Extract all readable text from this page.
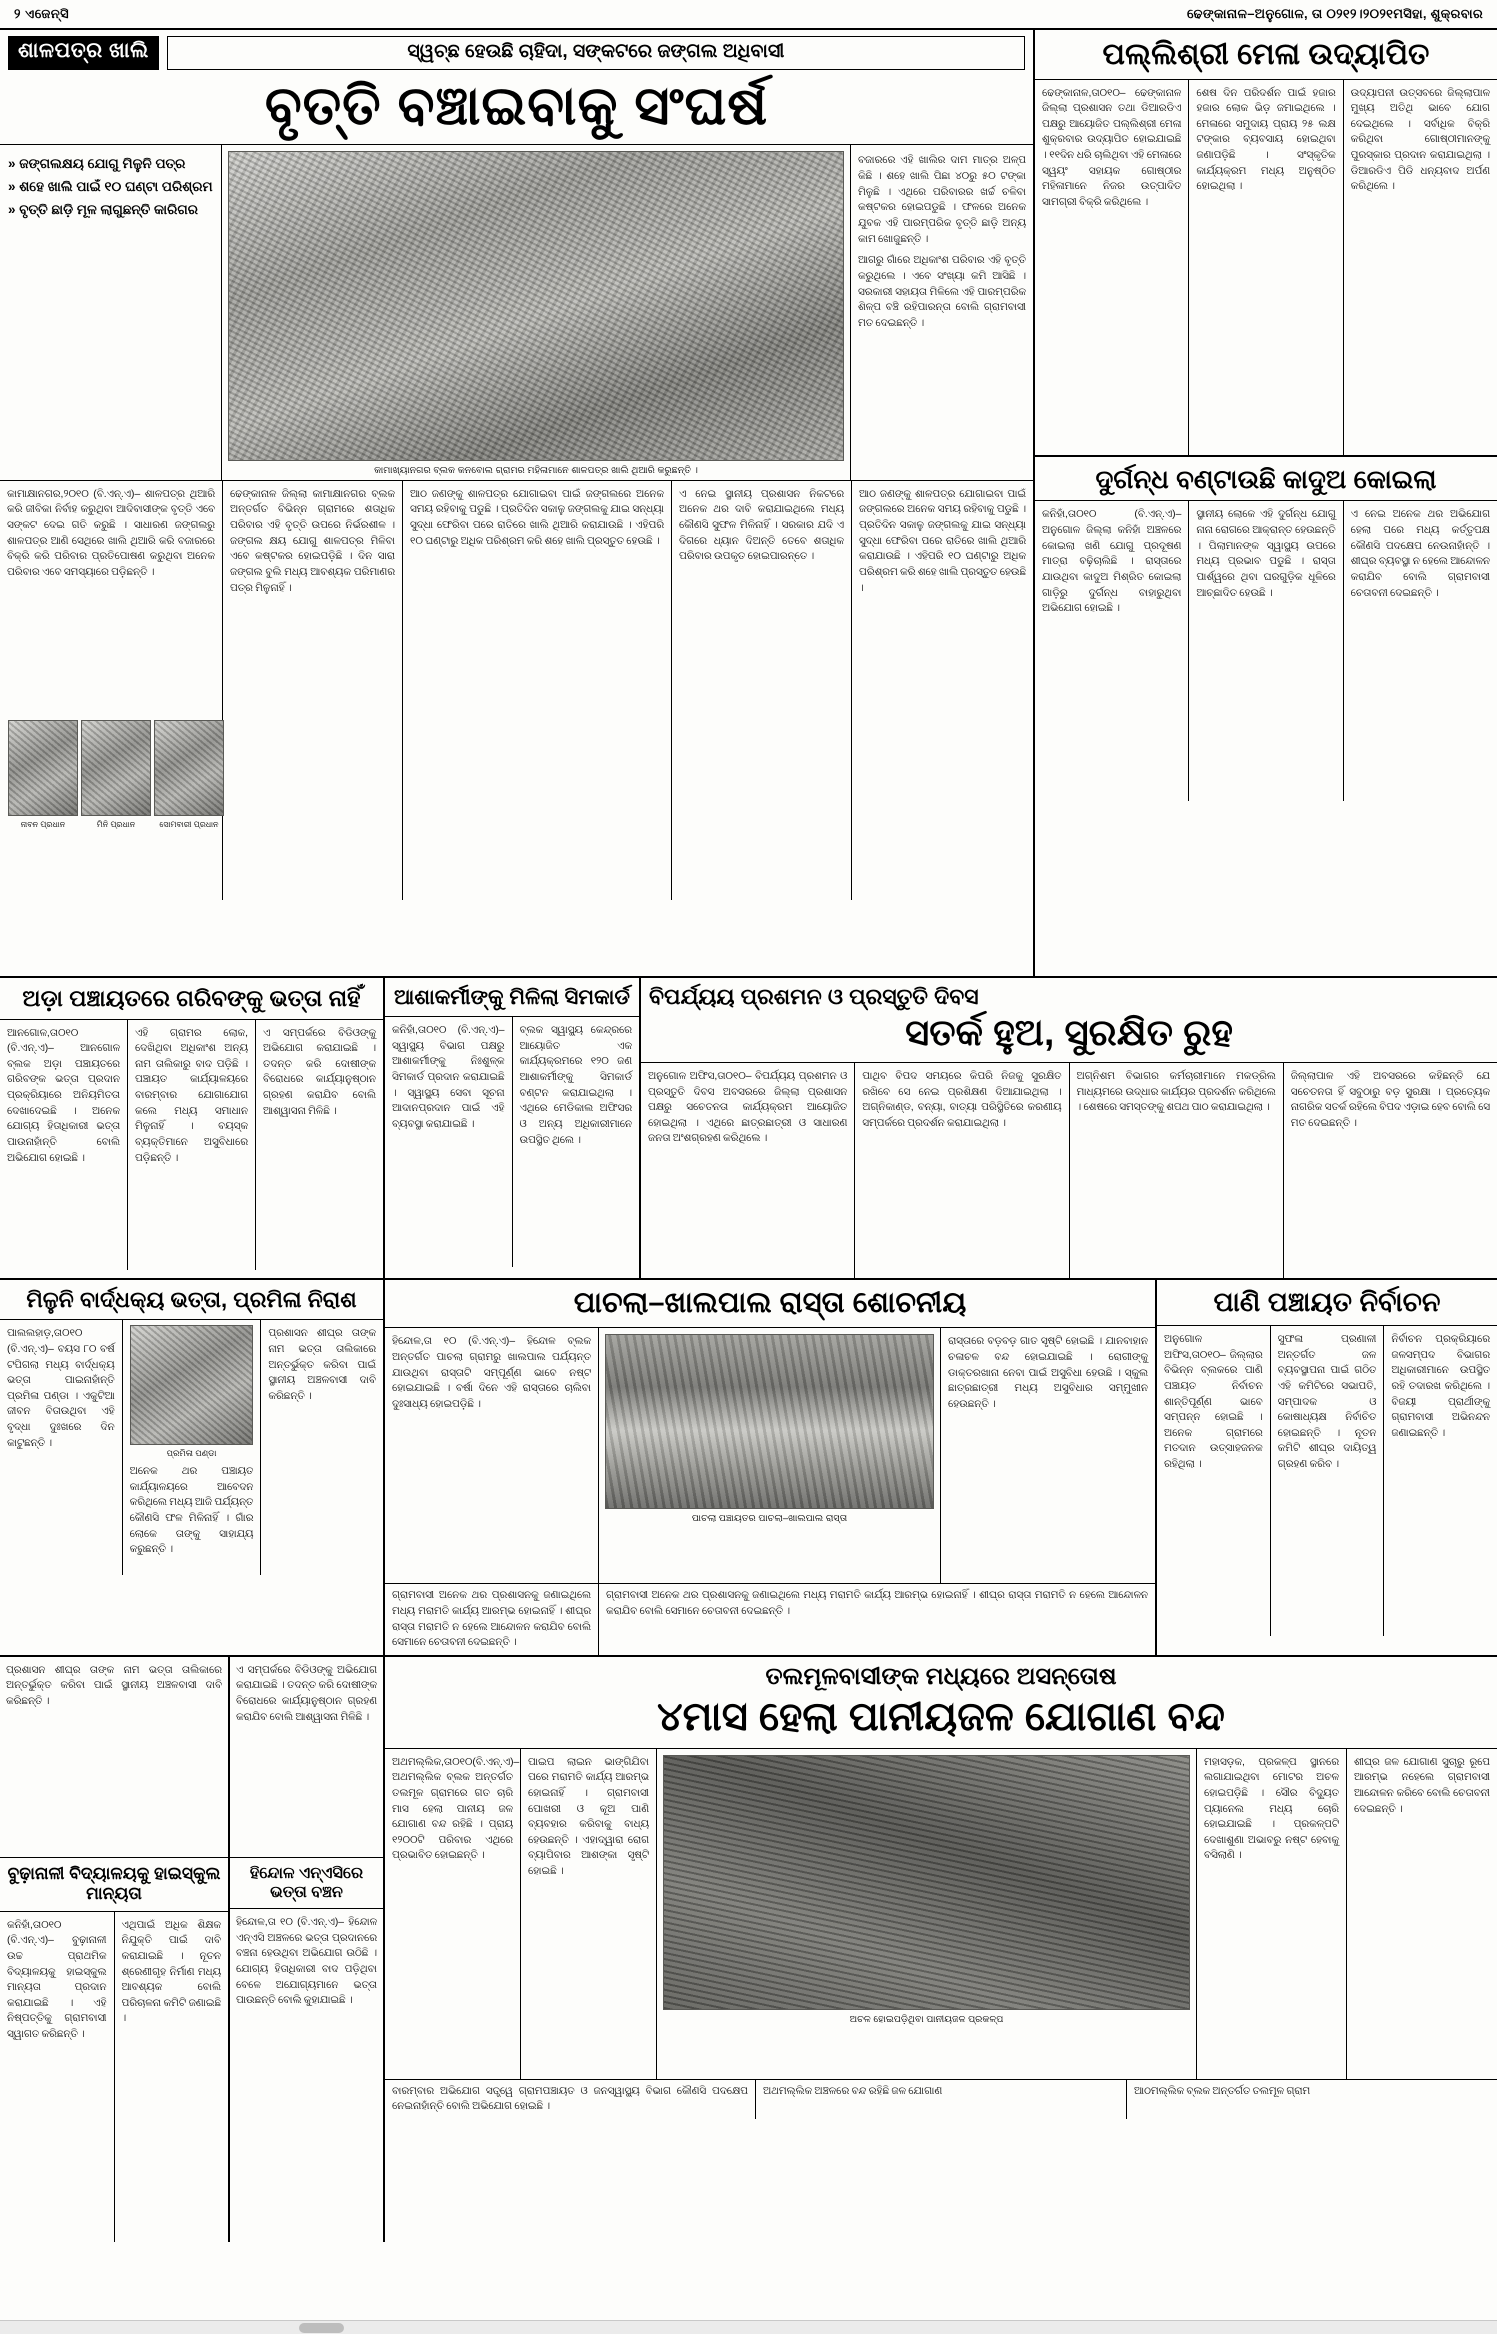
୨ ଏଜେନ୍ସି	ଢେଙ୍କାନାଳ–ଅନୁଗୋଳ, ତା ୦୨୧୨।୨୦୨୧ମସିହା, ଶୁକ୍ରବାର
ଶାଳପତ୍ର ଖାଲି	ସ୍ୱଚ୍ଛ ହେଉଛି ଚାହିଦା, ସଙ୍କଟରେ ଜଙ୍ଗଲ ଅଧିବାସୀ
ବୃତ୍ତି ବଞ୍ଚାଇବାକୁ ସଂଘର୍ଷ
» ଜଙ୍ଗଲକ୍ଷୟ ଯୋଗୁ ମିଳୁନି ପତ୍ର
» ଶହେ ଖାଲି ପାଇଁ ୧୦ ଘଣ୍ଟା ପରିଶ୍ରମ
» ବୃତ୍ତି ଛାଡ଼ି ମୂଳ ଲାଗୁଛନ୍ତି କାରିଗର
କାମାଖ୍ୟାନଗର ବ୍ଲକ କନବୋଲ ଗ୍ରାମର ମହିଳାମାନେ ଶାଳପତ୍ର ଖାଲି ଥିଆରି କରୁଛନ୍ତି ।
ବଜାରରେ ଏହି ଖାଲିର ଦାମ ମାତ୍ର ଅଳ୍ପ କିଛି । ଶହେ ଖାଲି ପିଛା ୪୦ରୁ ୫୦ ଟଙ୍କା ମିଳୁଛି । ଏଥିରେ ପରିବାରର ଖର୍ଚ୍ଚ ଚଳିବା କଷ୍ଟକର ହୋଇପଡୁଛି । ଫଳରେ ଅନେକ ଯୁବକ ଏହି ପାରମ୍ପରିକ ବୃତ୍ତି ଛାଡ଼ି ଅନ୍ୟ କାମ ଖୋଜୁଛନ୍ତି ।
ଆଗରୁ ଗାଁରେ ଅଧିକାଂଶ ପରିବାର ଏହି ବୃତ୍ତି କରୁଥିଲେ । ଏବେ ସଂଖ୍ୟା କମି ଆସିଛି । ସରକାରୀ ସହାୟତା ମିଳିଲେ ଏହି ପାରମ୍ପରିକ ଶିଳ୍ପ ବଞ୍ଚି ରହିପାରନ୍ତା ବୋଲି ଗ୍ରାମବାସୀ ମତ ଦେଇଛନ୍ତି ।
କାମାକ୍ଷାନଗର,୨୦୧୦ (ବି.ଏନ୍.ଏ)– ଶାଳପତ୍ର ଥିଆରି କରି ଜୀବିକା ନିର୍ବାହ କରୁଥିବା ଆଦିବାସୀଙ୍କ ବୃତ୍ତି ଏବେ ସଙ୍କଟ ଦେଇ ଗତି କରୁଛି । ସାଧାରଣ ଜଙ୍ଗଲରୁ ଶାଳପତ୍ର ଆଣି ସେଥିରେ ଖାଲି ଥିଆରି କରି ବଜାରରେ ବିକ୍ରି କରି ପରିବାର ପ୍ରତିପୋଷଣ କରୁଥିବା ଅନେକ ପରିବାର ଏବେ ସମସ୍ୟାରେ ପଡ଼ିଛନ୍ତି ।
ଢେଙ୍କାନାଳ ଜିଲ୍ଲା କାମାକ୍ଷାନଗର ବ୍ଲକ ଅନ୍ତର୍ଗତ ବିଭିନ୍ନ ଗ୍ରାମରେ ଶତାଧିକ ପରିବାର ଏହି ବୃତ୍ତି ଉପରେ ନିର୍ଭରଶୀଳ । ଜଙ୍ଗଲ କ୍ଷୟ ଯୋଗୁ ଶାଳପତ୍ର ମିଳିବା ଏବେ କଷ୍ଟକର ହୋଇପଡ଼ିଛି । ଦିନ ସାରା ଜଙ୍ଗଲ ବୁଲି ମଧ୍ୟ ଆବଶ୍ୟକ ପରିମାଣର ପତ୍ର ମିଳୁନାହିଁ ।
ଆଠ ଜଣଙ୍କୁ ଶାଳପତ୍ର ଯୋଗାଇବା ପାଇଁ ଜଙ୍ଗଲରେ ଅନେକ ସମୟ ରହିବାକୁ ପଡୁଛି । ପ୍ରତିଦିନ ସକାଳୁ ଜଙ୍ଗଲକୁ ଯାଇ ସନ୍ଧ୍ୟା ସୁଦ୍ଧା ଫେରିବା ପରେ ରାତିରେ ଖାଲି ଥିଆରି କରାଯାଉଛି । ଏହିପରି ୧୦ ଘଣ୍ଟାରୁ ଅଧିକ ପରିଶ୍ରମ କରି ଶହେ ଖାଲି ପ୍ରସ୍ତୁତ ହେଉଛି ।
ଏ ନେଇ ସ୍ଥାନୀୟ ପ୍ରଶାସନ ନିକଟରେ ଅନେକ ଥର ଦାବି କରାଯାଇଥିଲେ ମଧ୍ୟ କୌଣସି ସୁଫଳ ମିଳିନାହିଁ । ସରକାର ଯଦି ଏ ଦିଗରେ ଧ୍ୟାନ ଦିଅନ୍ତି ତେବେ ଶତାଧିକ ପରିବାର ଉପକୃତ ହୋଇପାରନ୍ତେ ।
ଆଠ ଜଣଙ୍କୁ ଶାଳପତ୍ର ଯୋଗାଇବା ପାଇଁ ଜଙ୍ଗଲରେ ଅନେକ ସମୟ ରହିବାକୁ ପଡୁଛି । ପ୍ରତିଦିନ ସକାଳୁ ଜଙ୍ଗଲକୁ ଯାଇ ସନ୍ଧ୍ୟା ସୁଦ୍ଧା ଫେରିବା ପରେ ରାତିରେ ଖାଲି ଥିଆରି କରାଯାଉଛି । ଏହିପରି ୧୦ ଘଣ୍ଟାରୁ ଅଧିକ ପରିଶ୍ରମ କରି ଶହେ ଖାଲି ପ୍ରସ୍ତୁତ ହେଉଛି ।
ନାବନ ପ୍ରଧାନ	ମିନି ପ୍ରଧାନ	ସୋମବାରୀ ପ୍ରଧାନ
ପଲ୍ଲିଶ୍ରୀ ମେଳା ଉଦ୍ୟାପିତ
ଢେଙ୍କାନାଳ,ତା୦୧୦– ଢେଙ୍କାନାଳ ଜିଲ୍ଲା ପ୍ରଶାସନ ତଥା ଡିଆରଡିଏ ପକ୍ଷରୁ ଆୟୋଜିତ ପଲ୍ଲିଶ୍ରୀ ମେଳା ଶୁକ୍ରବାର ଉଦ୍ୟାପିତ ହୋଇଯାଇଛି । ୧୧ଦିନ ଧରି ଚାଲିଥିବା ଏହି ମେଳାରେ ସ୍ୱୟଂ ସହାୟକ ଗୋଷ୍ଠୀର ମହିଳାମାନେ ନିଜର ଉତ୍ପାଦିତ ସାମଗ୍ରୀ ବିକ୍ରି କରିଥିଲେ ।
ଶେଷ ଦିନ ପରିଦର୍ଶନ ପାଇଁ ହଜାର ହଜାର ଲୋକ ଭିଡ଼ ଜମାଇଥିଲେ । ମେଳାରେ ସମୁଦାୟ ପ୍ରାୟ ୨୫ ଲକ୍ଷ ଟଙ୍କାର ବ୍ୟବସାୟ ହୋଇଥିବା ଜଣାପଡ଼ିଛି । ସଂସ୍କୃତିକ କାର୍ଯ୍ୟକ୍ରମ ମଧ୍ୟ ଅନୁଷ୍ଠିତ ହୋଇଥିଲା ।
ଉଦ୍ୟାପନୀ ଉତ୍ସବରେ ଜିଲ୍ଲାପାଳ ମୁଖ୍ୟ ଅତିଥି ଭାବେ ଯୋଗ ଦେଇଥିଲେ । ସର୍ବାଧିକ ବିକ୍ରି କରିଥିବା ଗୋଷ୍ଠୀମାନଙ୍କୁ ପୁରସ୍କାର ପ୍ରଦାନ କରାଯାଇଥିଲା । ଡିଆରଡିଏ ପିଡି ଧନ୍ୟବାଦ ଅର୍ପଣ କରିଥିଲେ ।
ଦୁର୍ଗନ୍ଧ ବଣ୍ଟାଉଛି କାଦୁଅ କୋଇଲା
କନିହାଁ,ତା୦୧୦ (ବି.ଏନ୍.ଏ)– ଅନୁଗୋଳ ଜିଲ୍ଲା କନିହାଁ ଅଞ୍ଚଳରେ କୋଇଲା ଖଣି ଯୋଗୁ ପ୍ରଦୂଷଣ ମାତ୍ରା ବଢ଼ିଚାଲିଛି । ରାସ୍ତାରେ ଯାଉଥିବା କାଦୁଅ ମିଶ୍ରିତ କୋଇଲା ଗାଡ଼ିରୁ ଦୁର୍ଗନ୍ଧ ବାହାରୁଥିବା ଅଭିଯୋଗ ହୋଇଛି ।
ସ୍ଥାନୀୟ ଲୋକେ ଏହି ଦୁର୍ଗନ୍ଧ ଯୋଗୁ ନାନା ରୋଗରେ ଆକ୍ରାନ୍ତ ହେଉଛନ୍ତି । ପିଲାମାନଙ୍କ ସ୍ୱାସ୍ଥ୍ୟ ଉପରେ ମଧ୍ୟ ପ୍ରଭାବ ପଡୁଛି । ରାସ୍ତା ପାର୍ଶ୍ୱରେ ଥିବା ଘରଗୁଡ଼ିକ ଧୂଳିରେ ଆଚ୍ଛାଦିତ ହେଉଛି ।
ଏ ନେଇ ଅନେକ ଥର ଅଭିଯୋଗ ହେଲା ପରେ ମଧ୍ୟ କର୍ତ୍ତୃପକ୍ଷ କୌଣସି ପଦକ୍ଷେପ ନେଉନାହାଁନ୍ତି । ଶୀଘ୍ର ବ୍ୟବସ୍ଥା ନ ହେଲେ ଆନ୍ଦୋଳନ କରାଯିବ ବୋଲି ଗ୍ରାମବାସୀ ଚେତାବନୀ ଦେଇଛନ୍ତି ।
ଅଡ଼ା ପଞ୍ଚାୟତରେ ଗରିବଙ୍କୁ ଭତ୍ତା ନାହିଁ
ଆନଗୋଳ,ତା୦୧୦ (ବି.ଏନ୍.ଏ)– ଆନଗୋଳ ବ୍ଲକ ଅଡ଼ା ପଞ୍ଚାୟତରେ ଗରିବଙ୍କ ଭତ୍ତା ପ୍ରଦାନ ପ୍ରକ୍ରିୟାରେ ଅନିୟମିତତା ଦେଖାଦେଇଛି । ଅନେକ ଯୋଗ୍ୟ ହିତାଧିକାରୀ ଭତ୍ତା ପାଉନାହାଁନ୍ତି ବୋଲି ଅଭିଯୋଗ ହୋଇଛି ।
ଏହି ଗ୍ରାମର ଲୋକ, ଦେଖିଥିବା ଅଧିକାଂଶ ଅନ୍ୟ ନାମ ତାଲିକାରୁ ବାଦ ପଡ଼ିଛି । ପଞ୍ଚାୟତ କାର୍ଯ୍ୟାଳୟରେ ବାରମ୍ବାର ଯୋଗାଯୋଗ କଲେ ମଧ୍ୟ ସମାଧାନ ମିଳୁନାହିଁ । ବୟସ୍କ ବ୍ୟକ୍ତିମାନେ ଅସୁବିଧାରେ ପଡ଼ିଛନ୍ତି ।
ଏ ସମ୍ପର୍କରେ ବିଡିଓଙ୍କୁ ଅଭିଯୋଗ କରାଯାଇଛି । ତଦନ୍ତ କରି ଦୋଷୀଙ୍କ ବିରୋଧରେ କାର୍ଯ୍ୟାନୁଷ୍ଠାନ ଗ୍ରହଣ କରାଯିବ ବୋଲି ଆଶ୍ୱାସନା ମିଳିଛି ।
ଆଶାକର୍ମୀଙ୍କୁ ମିଳିଲା ସିମକାର୍ଡ
କନିହାଁ,ତା୦୧୦ (ବି.ଏନ୍.ଏ)– ସ୍ୱାସ୍ଥ୍ୟ ବିଭାଗ ପକ୍ଷରୁ ଆଶାକର୍ମୀଙ୍କୁ ନିଃଶୁଳ୍କ ସିମକାର୍ଡ ପ୍ରଦାନ କରାଯାଇଛି । ସ୍ୱାସ୍ଥ୍ୟ ସେବା ସୂଚନା ଆଦାନପ୍ରଦାନ ପାଇଁ ଏହି ବ୍ୟବସ୍ଥା କରାଯାଇଛି ।
ବ୍ଲକ ସ୍ୱାସ୍ଥ୍ୟ କେନ୍ଦ୍ରରେ ଆୟୋଜିତ ଏକ କାର୍ଯ୍ୟକ୍ରମରେ ୧୨୦ ଜଣ ଆଶାକର୍ମୀଙ୍କୁ ସିମକାର୍ଡ ବଣ୍ଟନ କରାଯାଇଥିଲା । ଏଥିରେ ମେଡିକାଲ ଅଫିସର ଓ ଅନ୍ୟ ଅଧିକାରୀମାନେ ଉପସ୍ଥିତ ଥିଲେ ।
ବିପର୍ଯ୍ୟୟ ପ୍ରଶମନ ଓ ପ୍ରସ୍ତୁତି ଦିବସ
ସତର୍କ ହୁଅ, ସୁରକ୍ଷିତ ରୁହ
ଅନୁଗୋଳ ଅଫିସ,ତା୦୧୦– ବିପର୍ଯ୍ୟୟ ପ୍ରଶମନ ଓ ପ୍ରସ୍ତୁତି ଦିବସ ଅବସରରେ ଜିଲ୍ଲା ପ୍ରଶାସନ ପକ୍ଷରୁ ସଚେତନତା କାର୍ଯ୍ୟକ୍ରମ ଆୟୋଜିତ ହୋଇଥିଲା । ଏଥିରେ ଛାତ୍ରଛାତ୍ରୀ ଓ ସାଧାରଣ ଜନତା ଅଂଶଗ୍ରହଣ କରିଥିଲେ ।
ପାଥିବ ବିପଦ ସମୟରେ କିପରି ନିଜକୁ ସୁରକ୍ଷିତ ରଖିବେ ସେ ନେଇ ପ୍ରଶିକ୍ଷଣ ଦିଆଯାଇଥିଲା । ଅଗ୍ନିକାଣ୍ଡ, ବନ୍ୟା, ବାତ୍ୟା ପରିସ୍ଥିତିରେ କରଣୀୟ ସମ୍ପର୍କରେ ପ୍ରଦର୍ଶନ କରାଯାଇଥିଲା ।
ଅଗ୍ନିଶମ ବିଭାଗର କର୍ମଚାରୀମାନେ ମକଡ୍ରିଲ ମାଧ୍ୟମରେ ଉଦ୍ଧାର କାର୍ଯ୍ୟର ପ୍ରଦର୍ଶନ କରିଥିଲେ । ଶେଷରେ ସମସ୍ତଙ୍କୁ ଶପଥ ପାଠ କରାଯାଇଥିଲା ।
ଜିଲ୍ଲାପାଳ ଏହି ଅବସରରେ କହିଛନ୍ତି ଯେ ସଚେତନତା ହିଁ ସବୁଠାରୁ ବଡ଼ ସୁରକ୍ଷା । ପ୍ରତ୍ୟେକ ନାଗରିକ ସତର୍କ ରହିଲେ ବିପଦ ଏଡ଼ାଇ ହେବ ବୋଲି ସେ ମତ ଦେଇଛନ୍ତି ।
ମିଳୁନି ବାର୍ଦ୍ଧକ୍ୟ ଭତ୍ତା, ପ୍ରମିଳା ନିରାଶ
ପାଲଲହାଡ଼,ତା୦୧୦ (ବି.ଏନ୍.ଏ)– ବୟସ ୮୦ ବର୍ଷ ଟପିଗଲା ମଧ୍ୟ ବାର୍ଦ୍ଧକ୍ୟ ଭତ୍ତା ପାଇନାହାଁନ୍ତି ପ୍ରମିଳା ପଣ୍ଡା । ଏକୁଟିଆ ଜୀବନ ବିତାଉଥିବା ଏହି ବୃଦ୍ଧା ଦୁଃଖରେ ଦିନ କାଟୁଛନ୍ତି ।
ପ୍ରମିଳା ପଣ୍ଡା
ଅନେକ ଥର ପଞ୍ଚାୟତ କାର୍ଯ୍ୟାଳୟରେ ଆବେଦନ କରିଥିଲେ ମଧ୍ୟ ଆଜି ପର୍ଯ୍ୟନ୍ତ କୌଣସି ଫଳ ମିଳିନାହିଁ । ଗାଁର ଲୋକେ ତାଙ୍କୁ ସାହାଯ୍ୟ କରୁଛନ୍ତି ।
ପ୍ରଶାସନ ଶୀଘ୍ର ତାଙ୍କ ନାମ ଭତ୍ତା ତାଲିକାରେ ଅନ୍ତର୍ଭୁକ୍ତ କରିବା ପାଇଁ ସ୍ଥାନୀୟ ଅଞ୍ଚଳବାସୀ ଦାବି କରିଛନ୍ତି ।
ପାଚଲା–ଖାଲପାଲ ରାସ୍ତା ଶୋଚନୀୟ
ହିନ୍ଦୋଳ,ତା ୧୦ (ବି.ଏନ୍.ଏ)– ହିନ୍ଦୋଳ ବ୍ଲକ ଅନ୍ତର୍ଗତ ପାଚଲା ଗ୍ରାମରୁ ଖାଲପାଲ ପର୍ଯ୍ୟନ୍ତ ଯାଉଥିବା ରାସ୍ତାଟି ସମ୍ପୂର୍ଣ୍ଣ ଭାବେ ନଷ୍ଟ ହୋଇଯାଇଛି । ବର୍ଷା ଦିନେ ଏହି ରାସ୍ତାରେ ଚାଲିବା ଦୁଃସାଧ୍ୟ ହୋଇପଡ଼ିଛି ।
ପାଚଲା ପଞ୍ଚାୟତର ପାଚଲା–ଖାଲପାଲ ରାସ୍ତା
ରାସ୍ତାରେ ବଡ଼ବଡ଼ ଗାତ ସୃଷ୍ଟି ହୋଇଛି । ଯାନବାହାନ ଚଳାଚଳ ବନ୍ଦ ହୋଇଯାଇଛି । ରୋଗୀଙ୍କୁ ଡାକ୍ତରଖାନା ନେବା ପାଇଁ ଅସୁବିଧା ହେଉଛି । ସ୍କୁଲ ଛାତ୍ରଛାତ୍ରୀ ମଧ୍ୟ ଅସୁବିଧାର ସମ୍ମୁଖୀନ ହେଉଛନ୍ତି ।
ଗ୍ରାମବାସୀ ଅନେକ ଥର ପ୍ରଶାସନକୁ ଜଣାଇଥିଲେ ମଧ୍ୟ ମରାମତି କାର୍ଯ୍ୟ ଆରମ୍ଭ ହୋଇନାହିଁ । ଶୀଘ୍ର ରାସ୍ତା ମରାମତି ନ ହେଲେ ଆନ୍ଦୋଳନ କରାଯିବ ବୋଲି ସେମାନେ ଚେତାବନୀ ଦେଇଛନ୍ତି ।
ଗ୍ରାମବାସୀ ଅନେକ ଥର ପ୍ରଶାସନକୁ ଜଣାଇଥିଲେ ମଧ୍ୟ ମରାମତି କାର୍ଯ୍ୟ ଆରମ୍ଭ ହୋଇନାହିଁ । ଶୀଘ୍ର ରାସ୍ତା ମରାମତି ନ ହେଲେ ଆନ୍ଦୋଳନ କରାଯିବ ବୋଲି ସେମାନେ ଚେତାବନୀ ଦେଇଛନ୍ତି ।
ପାଣି ପଞ୍ଚାୟତ ନିର୍ବାଚନ
ଅନୁଗୋଳ ଅଫିସ,ତା୦୧୦– ଜିଲ୍ଲାର ବିଭିନ୍ନ ବ୍ଲକରେ ପାଣି ପଞ୍ଚାୟତ ନିର୍ବାଚନ ଶାନ୍ତିପୂର୍ଣ୍ଣ ଭାବେ ସମ୍ପନ୍ନ ହୋଇଛି । ଅନେକ ଗ୍ରାମରେ ମତଦାନ ଉତ୍ସାହଜନକ ରହିଥିଲା ।
ସୁଫଳା ପ୍ରଣାଳୀ ଅନ୍ତର୍ଗତ ଜଳ ବ୍ୟବସ୍ଥାପନା ପାଇଁ ଗଠିତ ଏହି କମିଟିରେ ସଭାପତି, ସମ୍ପାଦକ ଓ କୋଷାଧ୍ୟକ୍ଷ ନିର୍ବାଚିତ ହୋଇଛନ୍ତି । ନୂତନ କମିଟି ଶୀଘ୍ର ଦାୟିତ୍ୱ ଗ୍ରହଣ କରିବ ।
ନିର୍ବାଚନ ପ୍ରକ୍ରିୟାରେ ଜଳସମ୍ପଦ ବିଭାଗର ଅଧିକାରୀମାନେ ଉପସ୍ଥିତ ରହି ତଦାରଖ କରିଥିଲେ । ବିଜୟୀ ପ୍ରାର୍ଥୀଙ୍କୁ ଗ୍ରାମବାସୀ ଅଭିନନ୍ଦନ ଜଣାଇଛନ୍ତି ।
ପ୍ରଶାସନ ଶୀଘ୍ର ତାଙ୍କ ନାମ ଭତ୍ତା ତାଲିକାରେ ଅନ୍ତର୍ଭୁକ୍ତ କରିବା ପାଇଁ ସ୍ଥାନୀୟ ଅଞ୍ଚଳବାସୀ ଦାବି କରିଛନ୍ତି ।
ବୁଢ଼ାନାଳୀ ବିଦ୍ୟାଳୟକୁ ହାଇସ୍କୁଲ ମାନ୍ୟତା
କନିହାଁ,ତା୦୧୦ (ବି.ଏନ୍.ଏ)– ବୁଢ଼ାନାଳୀ ଉଚ୍ଚ ପ୍ରାଥମିକ ବିଦ୍ୟାଳୟକୁ ହାଇସ୍କୁଲ ମାନ୍ୟତା ପ୍ରଦାନ କରାଯାଇଛି । ଏହି ନିଷ୍ପତ୍ତିକୁ ଗ୍ରାମବାସୀ ସ୍ୱାଗତ କରିଛନ୍ତି ।
ଏଥିପାଇଁ ଅଧିକ ଶିକ୍ଷକ ନିଯୁକ୍ତି ପାଇଁ ଦାବି କରାଯାଇଛି । ନୂତନ ଶ୍ରେଣୀଗୃହ ନିର୍ମାଣ ମଧ୍ୟ ଆବଶ୍ୟକ ବୋଲି ପରିଚାଳନା କମିଟି ଜଣାଇଛି ।
ଏ ସମ୍ପର୍କରେ ବିଡିଓଙ୍କୁ ଅଭିଯୋଗ କରାଯାଇଛି । ତଦନ୍ତ କରି ଦୋଷୀଙ୍କ ବିରୋଧରେ କାର୍ଯ୍ୟାନୁଷ୍ଠାନ ଗ୍ରହଣ କରାଯିବ ବୋଲି ଆଶ୍ୱାସନା ମିଳିଛି ।
ହିନ୍ଦୋଳ ଏନ୍ଏସିରେ ଭତ୍ତା ବଞ୍ଚନ
ହିନ୍ଦୋଳ,ତା ୧୦ (ବି.ଏନ୍.ଏ)– ହିନ୍ଦୋଳ ଏନ୍ଏସି ଅଞ୍ଚଳରେ ଭତ୍ତା ପ୍ରଦାନରେ ବଞ୍ଚନା ହେଉଥିବା ଅଭିଯୋଗ ଉଠିଛି । ଯୋଗ୍ୟ ହିତାଧିକାରୀ ବାଦ ପଡ଼ିଥିବା ବେଳେ ଅଯୋଗ୍ୟମାନେ ଭତ୍ତା ପାଉଛନ୍ତି ବୋଲି କୁହାଯାଇଛି ।
ତଲମୂଳବାସୀଙ୍କ ମଧ୍ୟରେ ଅସନ୍ତୋଷ
୪ମାସ ହେଲା ପାନୀୟଜଳ ଯୋଗାଣ ବନ୍ଦ
ଅଥମଲ୍ଲିକ,ତା୦୧୦(ବି.ଏନ୍.ଏ)– ଅଥମଲ୍ଲିକ ବ୍ଲକ ଅନ୍ତର୍ଗତ ତଲମୂଳ ଗ୍ରାମରେ ଗତ ଚାରି ମାସ ହେଲା ପାନୀୟ ଜଳ ଯୋଗାଣ ବନ୍ଦ ରହିଛି । ପ୍ରାୟ ୧୨୦୦ଟି ପରିବାର ଏଥିରେ ପ୍ରଭାବିତ ହୋଇଛନ୍ତି ।
ପାଇପ ଲାଇନ ଭାଙ୍ଗିଯିବା ପରେ ମରାମତି କାର୍ଯ୍ୟ ଆରମ୍ଭ ହୋଇନାହିଁ । ଗ୍ରାମବାସୀ ପୋଖରୀ ଓ କୂଅ ପାଣି ବ୍ୟବହାର କରିବାକୁ ବାଧ୍ୟ ହେଉଛନ୍ତି । ଏହାଦ୍ୱାରା ରୋଗ ବ୍ୟାପିବାର ଆଶଙ୍କା ସୃଷ୍ଟି ହୋଇଛି ।
ଅଚଳ ହୋଇପଡ଼ିଥିବା ପାନୀୟଜଳ ପ୍ରକଳ୍ପ
ମହାସଡ଼କ, ପ୍ରକଳ୍ପ ସ୍ଥାନରେ ଲଗାଯାଇଥିବା ମୋଟର ଅଚଳ ହୋଇପଡ଼ିଛି । ସୌର ବିଦ୍ୟୁତ ପ୍ୟାନେଲ ମଧ୍ୟ ଚୋରି ହୋଇଯାଇଛି । ପ୍ରକଳ୍ପଟି ଦେଖାଶୁଣା ଅଭାବରୁ ନଷ୍ଟ ହେବାକୁ ବସିଲାଣି ।
ଶୀଘ୍ର ଜଳ ଯୋଗାଣ ସୁଚାରୁ ରୂପେ ଆରମ୍ଭ ନହେଲେ ଗ୍ରାମବାସୀ ଆନ୍ଦୋଳନ କରିବେ ବୋଲି ଚେତାବନୀ ଦେଇଛନ୍ତି ।
ବାରମ୍ବାର ଅଭିଯୋଗ ସତ୍ତ୍ୱେ ଗ୍ରାମପଞ୍ଚାୟତ ଓ ଜନସ୍ୱାସ୍ଥ୍ୟ ବିଭାଗ କୌଣସି ପଦକ୍ଷେପ ନେଇନାହାଁନ୍ତି ବୋଲି ଅଭିଯୋଗ ହୋଇଛି ।
ଅଥମଲ୍ଲିକ ଅଞ୍ଚଳରେ ବନ୍ଦ ରହିଛି ଜଳ ଯୋଗାଣ	ଆଠମଲ୍ଲିକ ବ୍ଲକ ଅନ୍ତର୍ଗତ ତଲମୂଳ ଗ୍ରାମ
